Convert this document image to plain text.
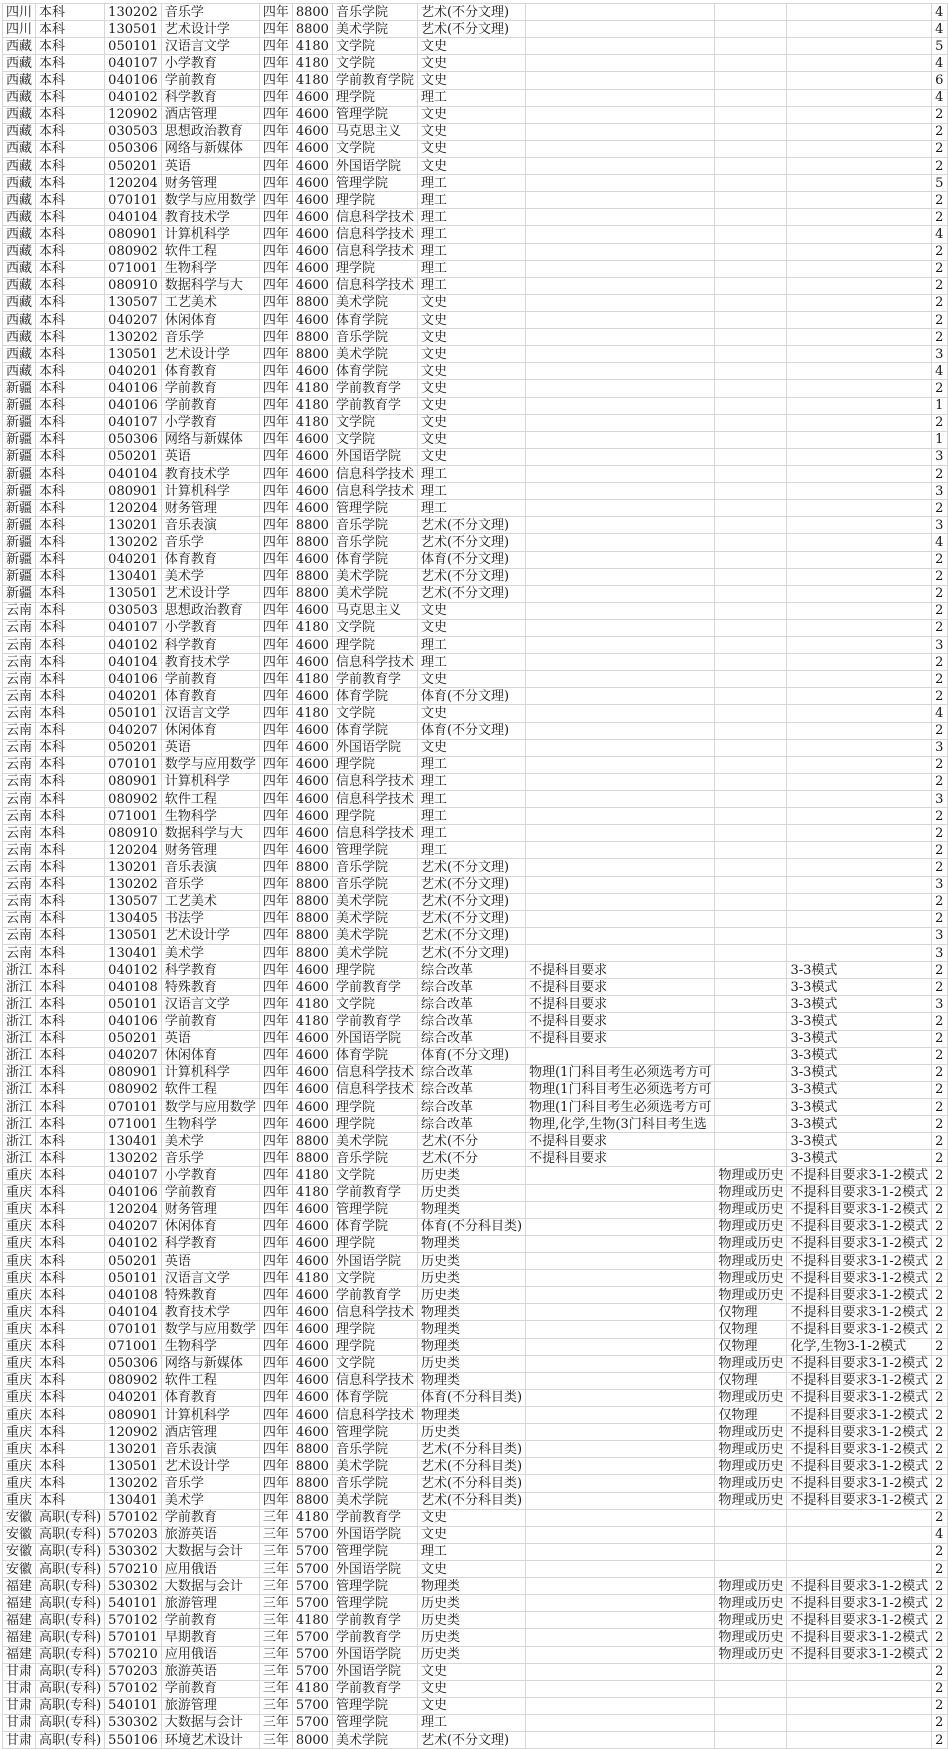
四川	本科	130202	音乐学	四年	8800	音乐学院	艺术(不分文理)				4
四川	本科	130501	艺术设计学	四年	8800	美术学院	艺术(不分文理)				4
西藏	本科	050101	汉语言文学	四年	4180	文学院	文史				5
西藏	本科	040107	小学教育	四年	4180	文学院	文史				4
西藏	本科	040106	学前教育	四年	4180	学前教育学院	文史				6
西藏	本科	040102	科学教育	四年	4600	理学院	理工				4
西藏	本科	120902	酒店管理	四年	4600	管理学院	文史				2
西藏	本科	030503	思想政治教育	四年	4600	马克思主义	文史				2
西藏	本科	050306	网络与新媒体	四年	4600	文学院	文史				2
西藏	本科	050201	英语	四年	4600	外国语学院	文史				2
西藏	本科	120204	财务管理	四年	4600	管理学院	理工				5
西藏	本科	070101	数学与应用数学	四年	4600	理学院	理工				2
西藏	本科	040104	教育技术学	四年	4600	信息科学技术	理工				2
西藏	本科	080901	计算机科学	四年	4600	信息科学技术	理工				4
西藏	本科	080902	软件工程	四年	4600	信息科学技术	理工				2
西藏	本科	071001	生物科学	四年	4600	理学院	理工				2
西藏	本科	080910	数据科学与大	四年	4600	信息科学技术	理工				2
西藏	本科	130507	工艺美术	四年	8800	美术学院	文史				2
西藏	本科	040207	休闲体育	四年	4600	体育学院	文史				2
西藏	本科	130202	音乐学	四年	8800	音乐学院	文史				2
西藏	本科	130501	艺术设计学	四年	8800	美术学院	文史				3
西藏	本科	040201	体育教育	四年	4600	体育学院	文史				4
新疆	本科	040106	学前教育	四年	4180	学前教育学	文史				2
新疆	本科	040106	学前教育	四年	4180	学前教育学	文史				1
新疆	本科	040107	小学教育	四年	4180	文学院	文史				2
新疆	本科	050306	网络与新媒体	四年	4600	文学院	文史				1
新疆	本科	050201	英语	四年	4600	外国语学院	文史				3
新疆	本科	040104	教育技术学	四年	4600	信息科学技术	理工				2
新疆	本科	080901	计算机科学	四年	4600	信息科学技术	理工				3
新疆	本科	120204	财务管理	四年	4600	管理学院	理工				2
新疆	本科	130201	音乐表演	四年	8800	音乐学院	艺术(不分文理)				3
新疆	本科	130202	音乐学	四年	8800	音乐学院	艺术(不分文理)				4
新疆	本科	040201	体育教育	四年	4600	体育学院	体育(不分文理)				2
新疆	本科	130401	美术学	四年	8800	美术学院	艺术(不分文理)				2
新疆	本科	130501	艺术设计学	四年	8800	美术学院	艺术(不分文理)				2
云南	本科	030503	思想政治教育	四年	4600	马克思主义	文史				2
云南	本科	040107	小学教育	四年	4180	文学院	文史				2
云南	本科	040102	科学教育	四年	4600	理学院	理工				3
云南	本科	040104	教育技术学	四年	4600	信息科学技术	理工				2
云南	本科	040106	学前教育	四年	4180	学前教育学	文史				2
云南	本科	040201	体育教育	四年	4600	体育学院	体育(不分文理)				2
云南	本科	050101	汉语言文学	四年	4180	文学院	文史				4
云南	本科	040207	休闲体育	四年	4600	体育学院	体育(不分文理)				2
云南	本科	050201	英语	四年	4600	外国语学院	文史				3
云南	本科	070101	数学与应用数学	四年	4600	理学院	理工				2
云南	本科	080901	计算机科学	四年	4600	信息科学技术	理工				2
云南	本科	080902	软件工程	四年	4600	信息科学技术	理工				3
云南	本科	071001	生物科学	四年	4600	理学院	理工				2
云南	本科	080910	数据科学与大	四年	4600	信息科学技术	理工				2
云南	本科	120204	财务管理	四年	4600	管理学院	理工				2
云南	本科	130201	音乐表演	四年	8800	音乐学院	艺术(不分文理)				2
云南	本科	130202	音乐学	四年	8800	音乐学院	艺术(不分文理)				3
云南	本科	130507	工艺美术	四年	8800	美术学院	艺术(不分文理)				2
云南	本科	130405	书法学	四年	8800	美术学院	艺术(不分文理)				2
云南	本科	130501	艺术设计学	四年	8800	美术学院	艺术(不分文理)				3
云南	本科	130401	美术学	四年	8800	美术学院	艺术(不分文理)				3
浙江	本科	040102	科学教育	四年	4600	理学院	综合改革	不提科目要求		3-3模式	2
浙江	本科	040108	特殊教育	四年	4600	学前教育学	综合改革	不提科目要求		3-3模式	2
浙江	本科	050101	汉语言文学	四年	4180	文学院	综合改革	不提科目要求		3-3模式	3
浙江	本科	040106	学前教育	四年	4180	学前教育学	综合改革	不提科目要求		3-3模式	2
浙江	本科	050201	英语	四年	4600	外国语学院	综合改革	不提科目要求		3-3模式	2
浙江	本科	040207	休闲体育	四年	4600	体育学院	体育(不分文理)			3-3模式	2
浙江	本科	080901	计算机科学	四年	4600	信息科学技术	综合改革	物理(1门科目考生必须选考方可		3-3模式	2
浙江	本科	080902	软件工程	四年	4600	信息科学技术	综合改革	物理(1门科目考生必须选考方可		3-3模式	2
浙江	本科	070101	数学与应用数学	四年	4600	理学院	综合改革	物理(1门科目考生必须选考方可		3-3模式	2
浙江	本科	071001	生物科学	四年	4600	理学院	综合改革	物理,化学,生物(3门科目考生选		3-3模式	2
浙江	本科	130401	美术学	四年	8800	美术学院	艺术(不分	不提科目要求		3-3模式	2
浙江	本科	130202	音乐学	四年	8800	音乐学院	艺术(不分	不提科目要求		3-3模式	2
重庆	本科	040107	小学教育	四年	4180	文学院	历史类		物理或历史	不提科目要求3-1-2模式	2
重庆	本科	040106	学前教育	四年	4180	学前教育学	历史类		物理或历史	不提科目要求3-1-2模式	2
重庆	本科	120204	财务管理	四年	4600	管理学院	物理类		物理或历史	不提科目要求3-1-2模式	2
重庆	本科	040207	休闲体育	四年	4600	体育学院	体育(不分科目类)		物理或历史	不提科目要求3-1-2模式	2
重庆	本科	040102	科学教育	四年	4600	理学院	物理类		物理或历史	不提科目要求3-1-2模式	2
重庆	本科	050201	英语	四年	4600	外国语学院	历史类		物理或历史	不提科目要求3-1-2模式	2
重庆	本科	050101	汉语言文学	四年	4180	文学院	历史类		物理或历史	不提科目要求3-1-2模式	2
重庆	本科	040108	特殊教育	四年	4600	学前教育学	历史类		物理或历史	不提科目要求3-1-2模式	2
重庆	本科	040104	教育技术学	四年	4600	信息科学技术	物理类		仅物理	不提科目要求3-1-2模式	2
重庆	本科	070101	数学与应用数学	四年	4600	理学院	物理类		仅物理	不提科目要求3-1-2模式	2
重庆	本科	071001	生物科学	四年	4600	理学院	物理类		仅物理	化学,生物3-1-2模式	2
重庆	本科	050306	网络与新媒体	四年	4600	文学院	历史类		物理或历史	不提科目要求3-1-2模式	2
重庆	本科	080902	软件工程	四年	4600	信息科学技术	物理类		仅物理	不提科目要求3-1-2模式	2
重庆	本科	040201	体育教育	四年	4600	体育学院	体育(不分科目类)		物理或历史	不提科目要求3-1-2模式	2
重庆	本科	080901	计算机科学	四年	4600	信息科学技术	物理类		仅物理	不提科目要求3-1-2模式	2
重庆	本科	120902	酒店管理	四年	4600	管理学院	历史类		物理或历史	不提科目要求3-1-2模式	2
重庆	本科	130201	音乐表演	四年	8800	音乐学院	艺术(不分科目类)		物理或历史	不提科目要求3-1-2模式	2
重庆	本科	130501	艺术设计学	四年	8800	美术学院	艺术(不分科目类)		物理或历史	不提科目要求3-1-2模式	2
重庆	本科	130202	音乐学	四年	8800	音乐学院	艺术(不分科目类)		物理或历史	不提科目要求3-1-2模式	2
重庆	本科	130401	美术学	四年	8800	美术学院	艺术(不分科目类)		物理或历史	不提科目要求3-1-2模式	2
安徽	高职(专科)	570102	学前教育	三年	4180	学前教育学	文史				2
安徽	高职(专科)	570203	旅游英语	三年	5700	外国语学院	文史				4
安徽	高职(专科)	530302	大数据与会计	三年	5700	管理学院	理工				2
安徽	高职(专科)	570210	应用俄语	三年	5700	外国语学院	文史				2
福建	高职(专科)	530302	大数据与会计	三年	5700	管理学院	物理类		物理或历史	不提科目要求3-1-2模式	2
福建	高职(专科)	540101	旅游管理	三年	5700	管理学院	历史类		物理或历史	不提科目要求3-1-2模式	2
福建	高职(专科)	570102	学前教育	三年	4180	学前教育学	历史类		物理或历史	不提科目要求3-1-2模式	2
福建	高职(专科)	570101	早期教育	三年	5700	学前教育学	历史类		物理或历史	不提科目要求3-1-2模式	2
福建	高职(专科)	570210	应用俄语	三年	5700	外国语学院	历史类		物理或历史	不提科目要求3-1-2模式	2
甘肃	高职(专科)	570203	旅游英语	三年	5700	外国语学院	文史				2
甘肃	高职(专科)	570102	学前教育	三年	4180	学前教育学	文史				2
甘肃	高职(专科)	540101	旅游管理	三年	5700	管理学院	文史				2
甘肃	高职(专科)	530302	大数据与会计	三年	5700	管理学院	理工				2
甘肃	高职(专科)	550106	环境艺术设计	三年	8000	美术学院	艺术(不分文理)				2
